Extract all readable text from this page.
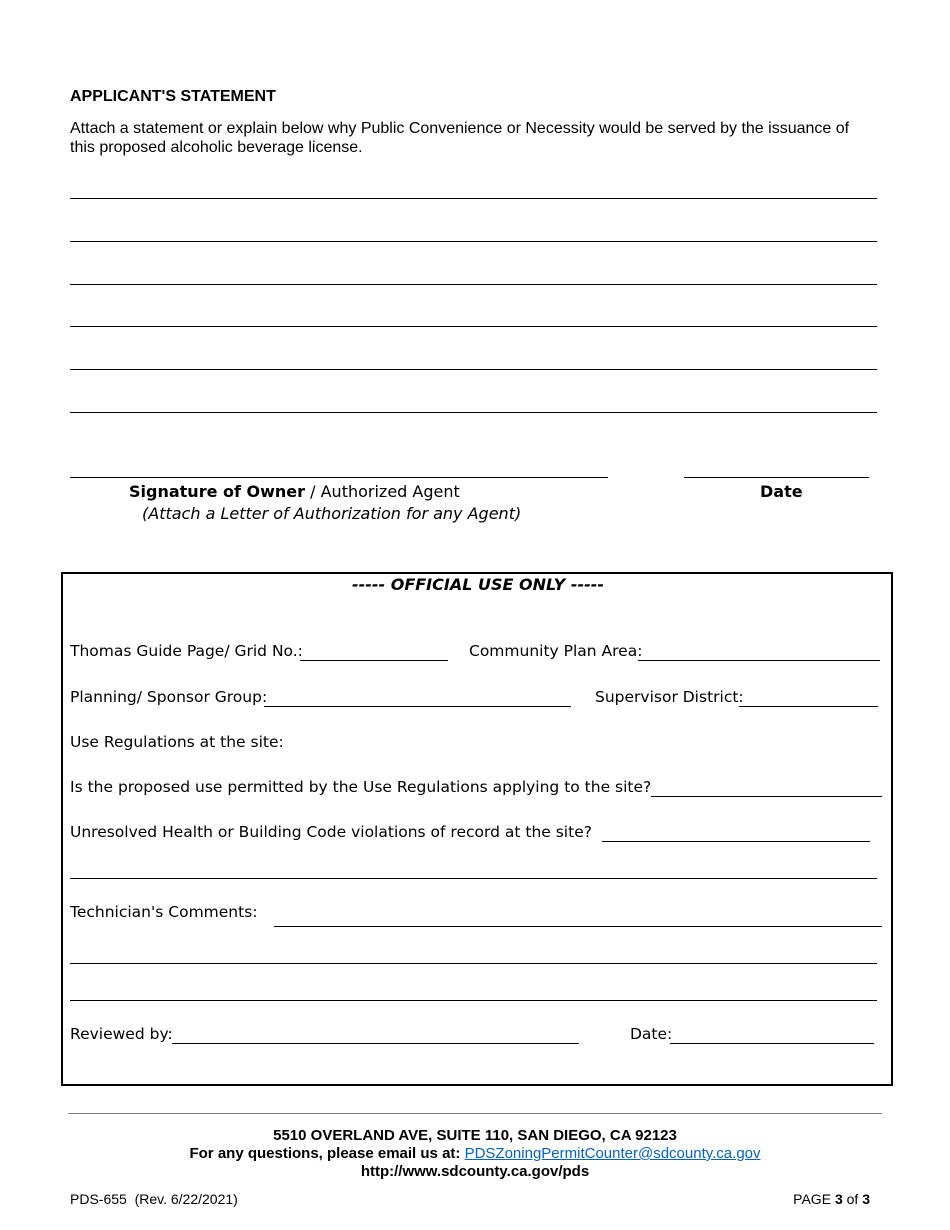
APPLICANT'S STATEMENT

Attach a statement or explain below why Public Convenience or Necessity would be served by the issuance of this proposed alcoholic beverage license.

Signature of Owner / Authorized Agent
(Attach a Letter of Authorization for any Agent)
Date
----- OFFICIAL USE ONLY -----
Thomas Guide Page/ Grid No.:	Community Plan Area:
Planning/ Sponsor Group:	Supervisor District:
Use Regulations at the site:
Is the proposed use permitted by the Use Regulations applying to the site?
Unresolved Health or Building Code violations of record at the site?
Technician's Comments:
Reviewed by:	Date:
5510 OVERLAND AVE, SUITE 110, SAN DIEGO, CA 92123
For any questions, please email us at: PDSZoningPermitCounter@sdcounty.ca.gov
http://www.sdcounty.ca.gov/pds
PDS-655  (Rev. 6/22/2021)	PAGE 3 of 3
